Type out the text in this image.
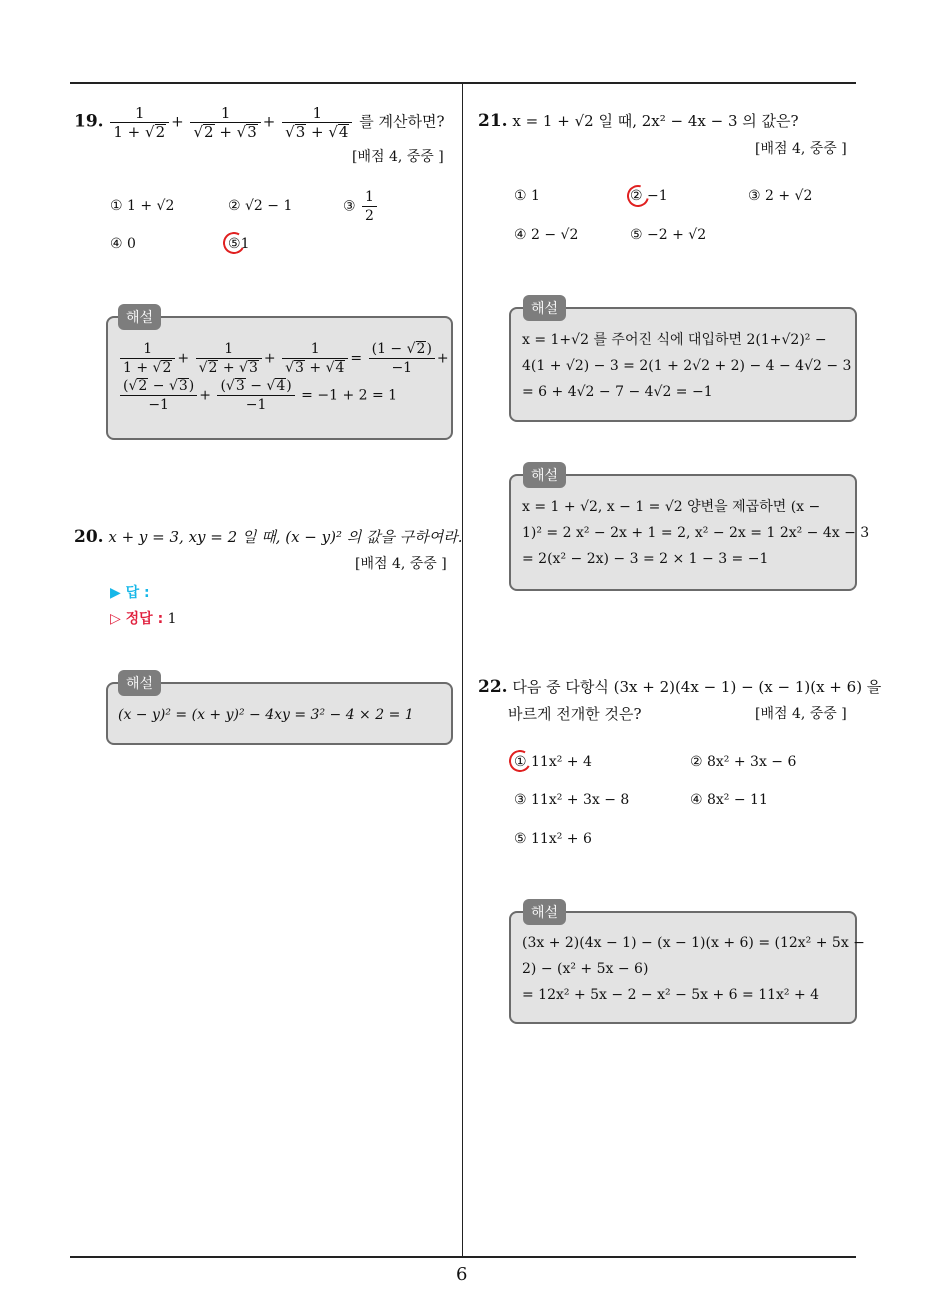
6
19. $\frac{1}{1 + √2} + \frac{1}{√2 + √3} + \frac{1}{√3 + √4}$ 를 계산하면?
[배점 4, 중중 ]
① 1 + √2	② √2 − 1	③ $\frac{1}{2}$
④ 0	⑤1
해설
$\frac{1}{1 + √2} + \frac{1}{√2 + √3} + \frac{1}{√3 + √4} = \frac{(1 - √2)}{-1}$ +

$\frac{(√2 - √3)}{-1} + \frac{(√3 - √4)}{-1} = -1 + 2 = 1$
20. x + y = 3, xy = 2 일 때, (x − y)² 의 값을 구하여라.
[배점 4, 중중 ]
▶ 답 :
▷ 정답 : 1
해설
(x − y)² = (x + y)² − 4xy = 3² − 4 × 2 = 1
21. x = 1 + √2 일 때, 2x² − 4x − 3 의 값은?
[배점 4, 중중 ]
① 1	② −1	③ 2 + √2
④ 2 − √2	⑤ −2 + √2
해설
x = 1+√2 를 주어진 식에 대입하면 2(1+√2)² −
4(1 + √2) − 3 = 2(1 + 2√2 + 2) − 4 − 4√2 − 3
= 6 + 4√2 − 7 − 4√2 = −1
해설
x = 1 + √2, x − 1 = √2 양변을 제곱하면 (x −
1)² = 2 x² − 2x + 1 = 2, x² − 2x = 1 2x² − 4x − 3
= 2(x² − 2x) − 3 = 2 × 1 − 3 = −1
22. 다음 중 다항식 (3x + 2)(4x − 1) − (x − 1)(x + 6) 을
바르게 전개한 것은?	[배점 4, 중중 ]
① 11x² + 4	② 8x² + 3x − 6
③ 11x² + 3x − 8	④ 8x² − 11
⑤ 11x² + 6
해설
(3x + 2)(4x − 1) − (x − 1)(x + 6) = (12x² + 5x −
2) − (x² + 5x − 6)
= 12x² + 5x − 2 − x² − 5x + 6 = 11x² + 4
